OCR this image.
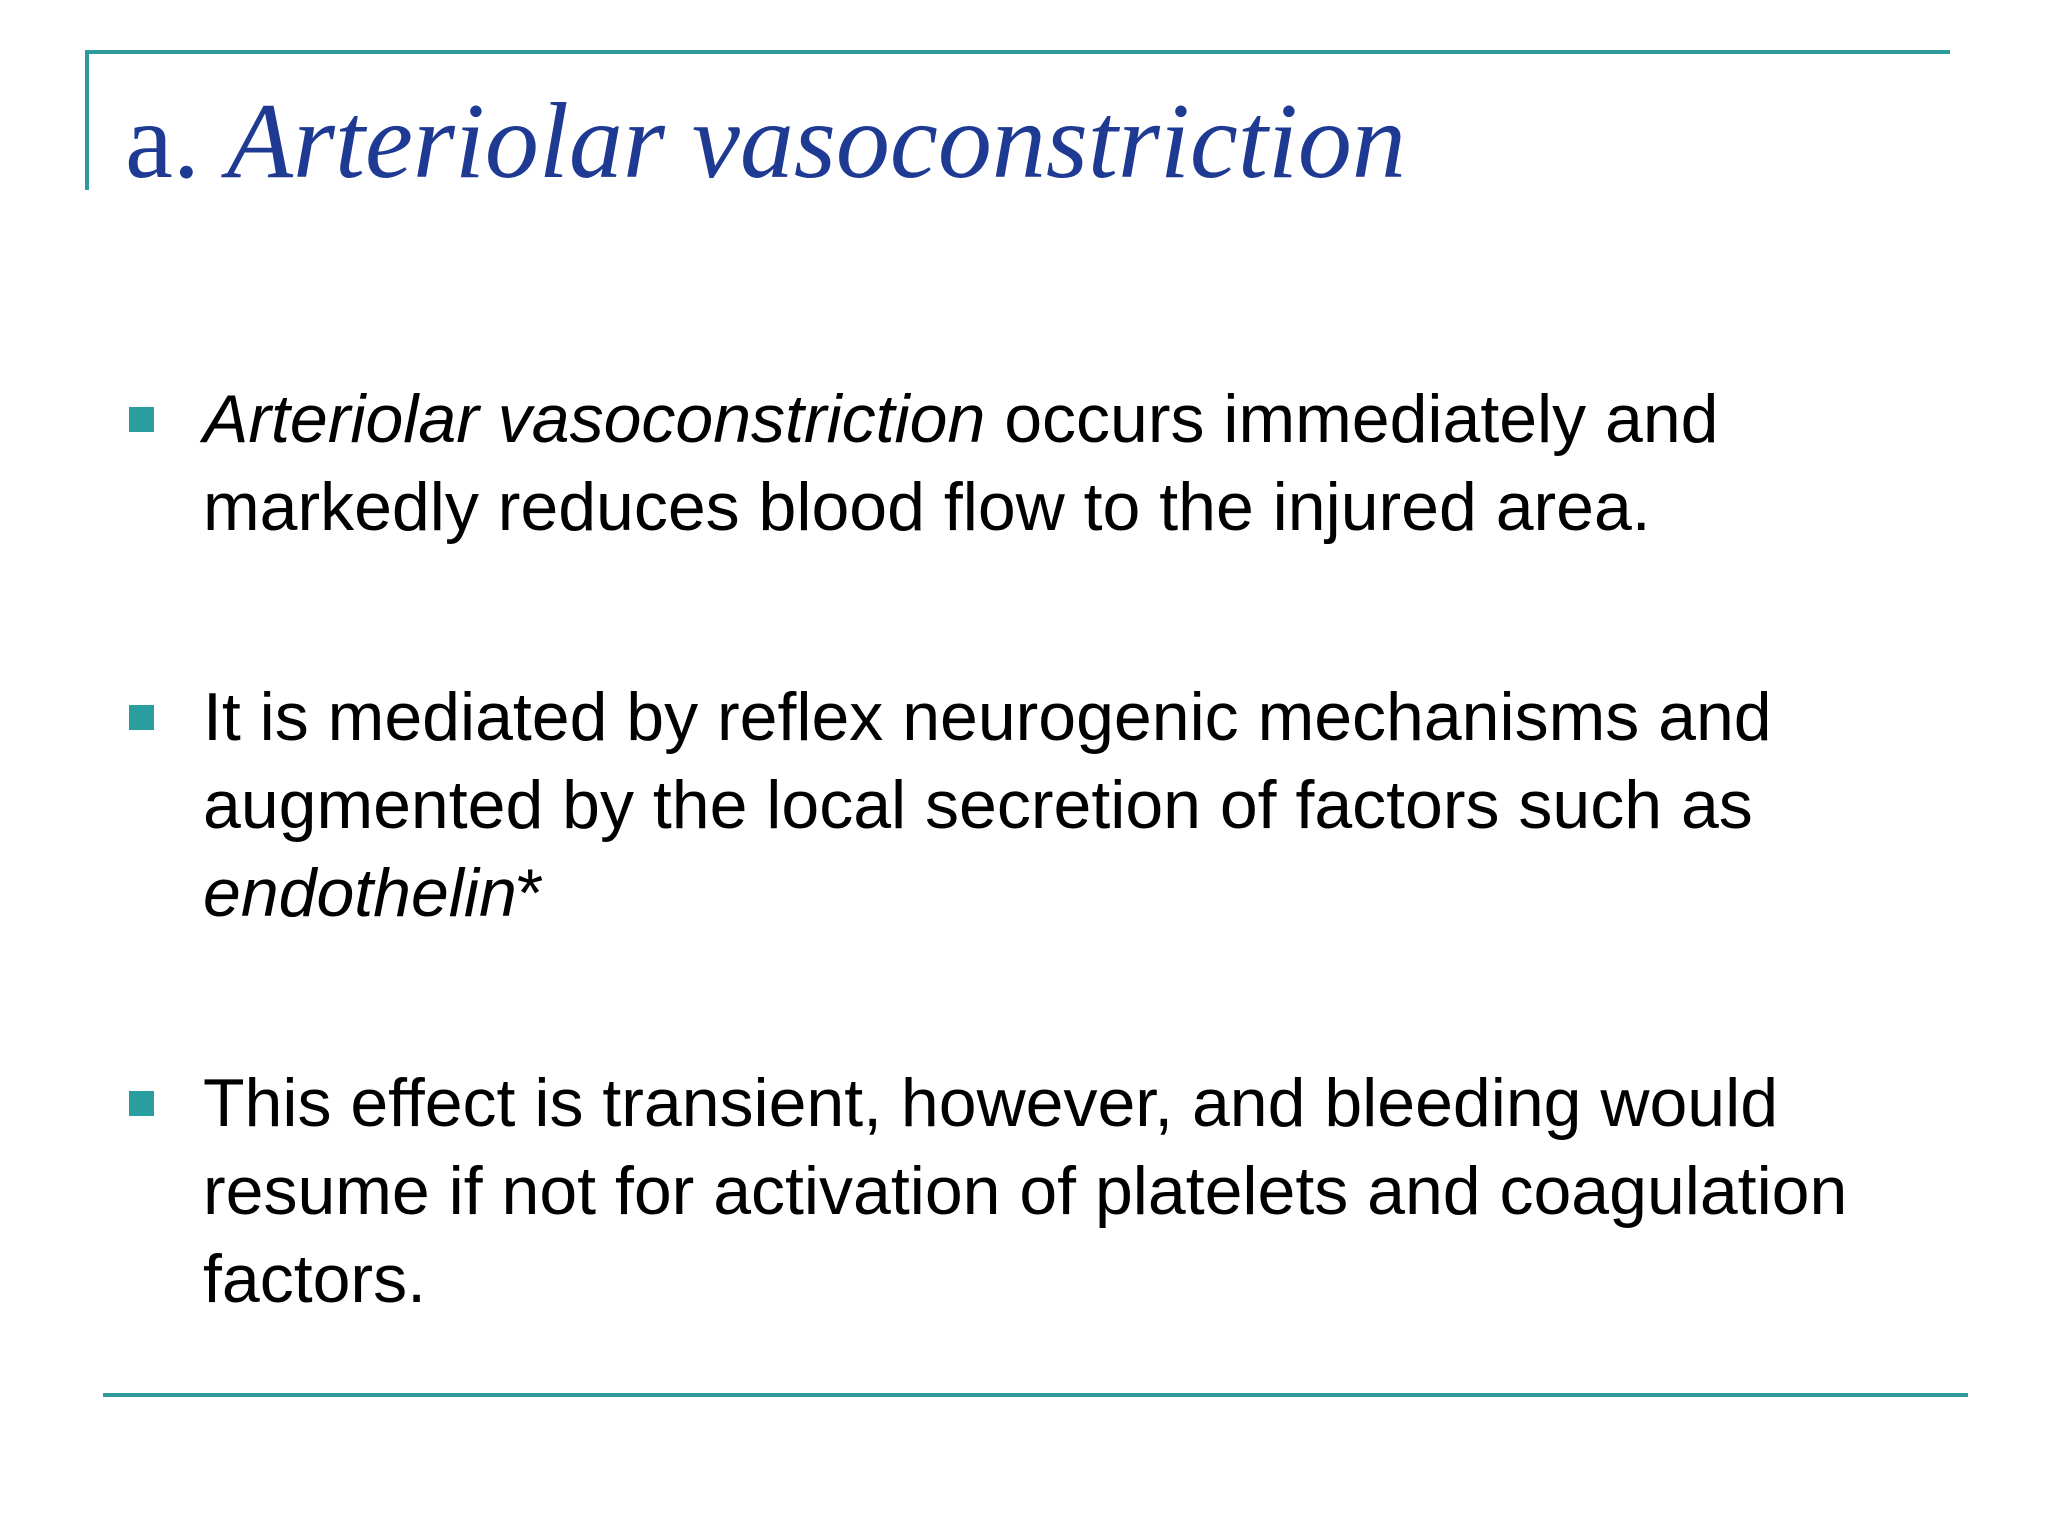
a. Arteriolar vasoconstriction
Arteriolar vasoconstriction occurs immediately and markedly reduces blood flow to the injured area.
It is mediated by reflex neurogenic mechanisms and augmented by the local secretion of factors such as endothelin*
This effect is transient, however, and bleeding would resume if not for activation of platelets and coagulation factors.
